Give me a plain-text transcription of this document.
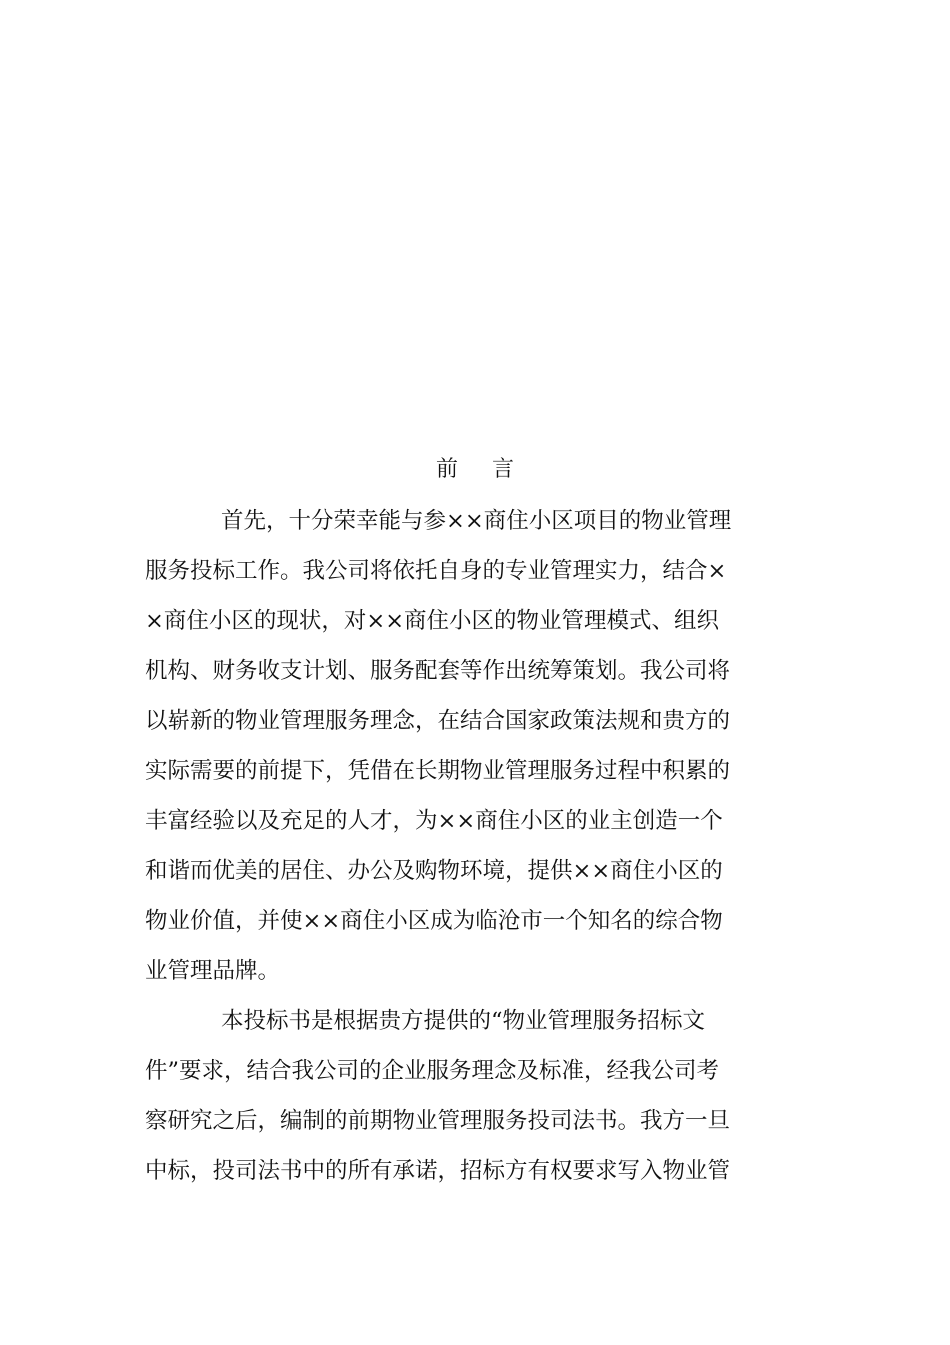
前 言
首先，十分荣幸能与参××商住小区项目的物业管理
服务投标工作。我公司将依托自身的专业管理实力，结合×
×商住小区的现状，对××商住小区的物业管理模式、组织
机构、财务收支计划、服务配套等作出统筹策划。我公司将
以崭新的物业管理服务理念，在结合国家政策法规和贵方的
实际需要的前提下，凭借在长期物业管理服务过程中积累的
丰富经验以及充足的人才，为××商住小区的业主创造一个
和谐而优美的居住、办公及购物环境，提供××商住小区的
物业价值，并使××商住小区成为临沧市一个知名的综合物
业管理品牌。
本投标书是根据贵方提供的“物业管理服务招标文
件”要求，结合我公司的企业服务理念及标准，经我公司考
察研究之后，编制的前期物业管理服务投司法书。我方一旦
中标，投司法书中的所有承诺，招标方有权要求写入物业管
